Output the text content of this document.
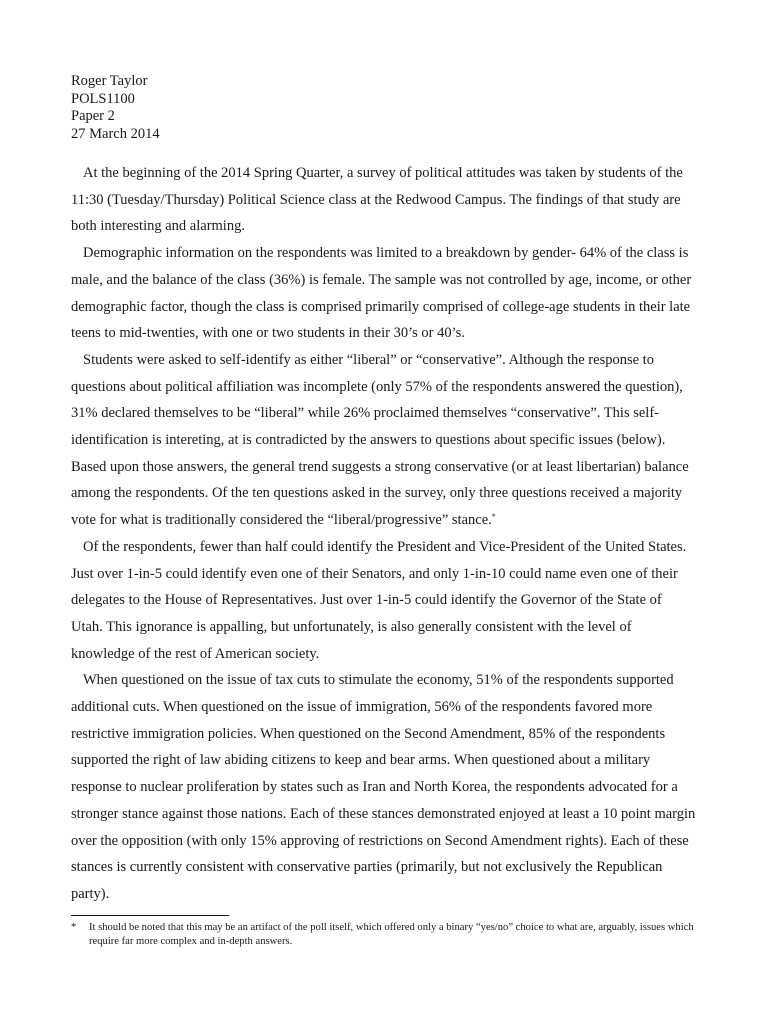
Roger Taylor
POLS1100
Paper 2
27 March 2014

At the beginning of the 2014 Spring Quarter, a survey of political attitudes was taken by students of the 11:30 (Tuesday/Thursday) Political Science class at the Redwood Campus. The findings of that study are both interesting and alarming.

Demographic information on the respondents was limited to a breakdown by gender- 64% of the class is male, and the balance of the class (36%) is female. The sample was not controlled by age, income, or other demographic factor, though the class is comprised primarily comprised of college-age students in their late teens to mid-twenties, with one or two students in their 30’s or 40’s.

Students were asked to self-identify as either “liberal” or “conservative”. Although the response to questions about political affiliation was incomplete (only 57% of the respondents answered the question), 31% declared themselves to be “liberal” while 26% proclaimed themselves “conservative”. This self-identification is intereting, at is contradicted by the answers to questions about specific issues (below). Based upon those answers, the general trend suggests a strong conservative (or at least libertarian) balance among the respondents. Of the ten questions asked in the survey, only three questions received a majority vote for what is traditionally considered the “liberal/progressive” stance.*

Of the respondents, fewer than half could identify the President and Vice-President of the United States. Just over 1-in-5 could identify even one of their Senators, and only 1-in-10 could name even one of their delegates to the House of Representatives. Just over 1-in-5 could identify the Governor of the State of Utah. This ignorance is appalling, but unfortunately, is also generally consistent with the level of knowledge of the rest of American society.

When questioned on the issue of tax cuts to stimulate the economy, 51% of the respondents supported additional cuts. When questioned on the issue of immigration, 56% of the respondents favored more restrictive immigration policies. When questioned on the Second Amendment, 85% of the respondents supported the right of law abiding citizens to keep and bear arms. When questioned about a military response to nuclear proliferation by states such as Iran and North Korea, the respondents advocated for a stronger stance against those nations. Each of these stances demonstrated enjoyed at least a 10 point margin over the opposition (with only 15% approving of restrictions on Second Amendment rights). Each of these stances is currently consistent with conservative parties (primarily, but not exclusively the Republican party).

* It should be noted that this may be an artifact of the poll itself, which offered only a binary “yes/no” choice to what are, arguably, issues which require far more complex and in-depth answers.
